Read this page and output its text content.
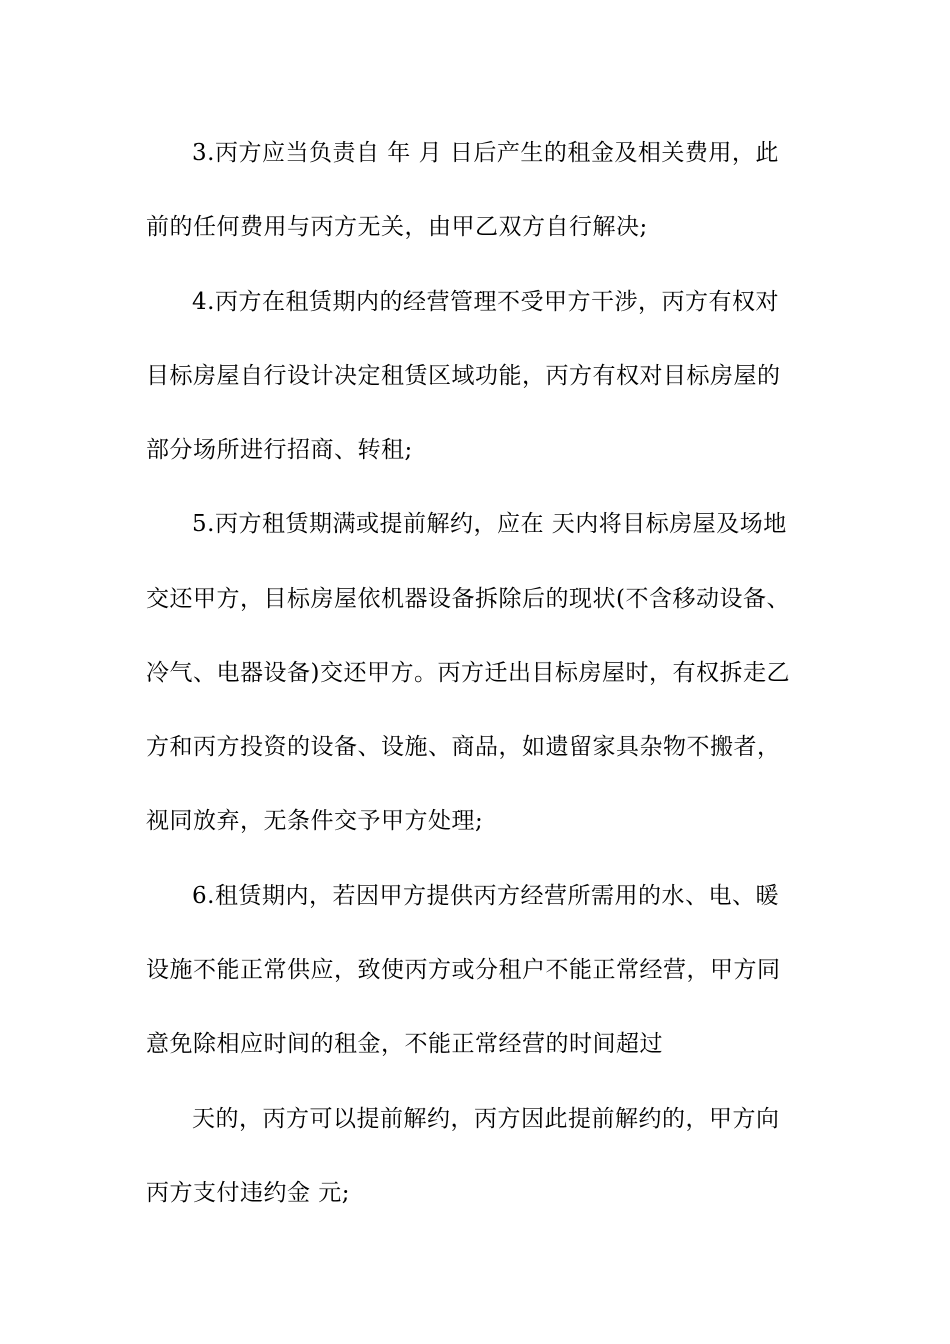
3.丙方应当负责自 年 月 日后产生的租金及相关费用，此
前的任何费用与丙方无关，由甲乙双方自行解决;
4.丙方在租赁期内的经营管理不受甲方干涉，丙方有权对
目标房屋自行设计决定租赁区域功能，丙方有权对目标房屋的
部分场所进行招商、转租;
5.丙方租赁期满或提前解约，应在 天内将目标房屋及场地
交还甲方，目标房屋依机器设备拆除后的现状(不含移动设备、
冷气、电器设备)交还甲方。丙方迁出目标房屋时，有权拆走乙
方和丙方投资的设备、设施、商品，如遗留家具杂物不搬者，
视同放弃，无条件交予甲方处理;
6.租赁期内，若因甲方提供丙方经营所需用的水、电、暖
设施不能正常供应，致使丙方或分租户不能正常经营，甲方同
意免除相应时间的租金，不能正常经营的时间超过
天的，丙方可以提前解约，丙方因此提前解约的，甲方向
丙方支付违约金 元;
